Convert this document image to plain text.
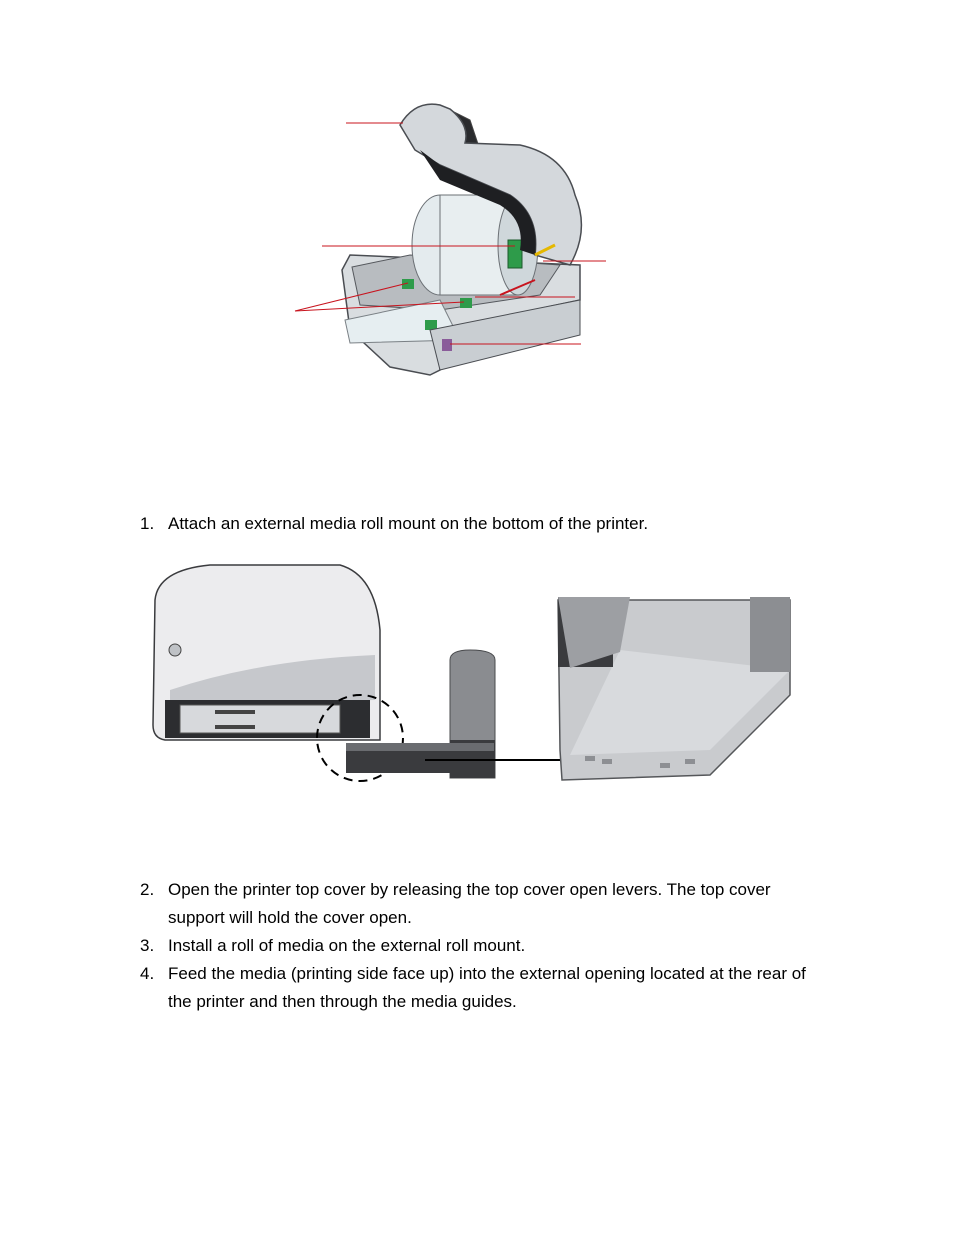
1. Attach an external media roll mount on the bottom of the printer.
2. Open the printer top cover by releasing the top cover open levers. The top cover support will hold the cover open.
3. Install a roll of media on the external roll mount.
4. Feed the media (printing side face up) into the external opening located at the rear of the printer and then through the media guides.
